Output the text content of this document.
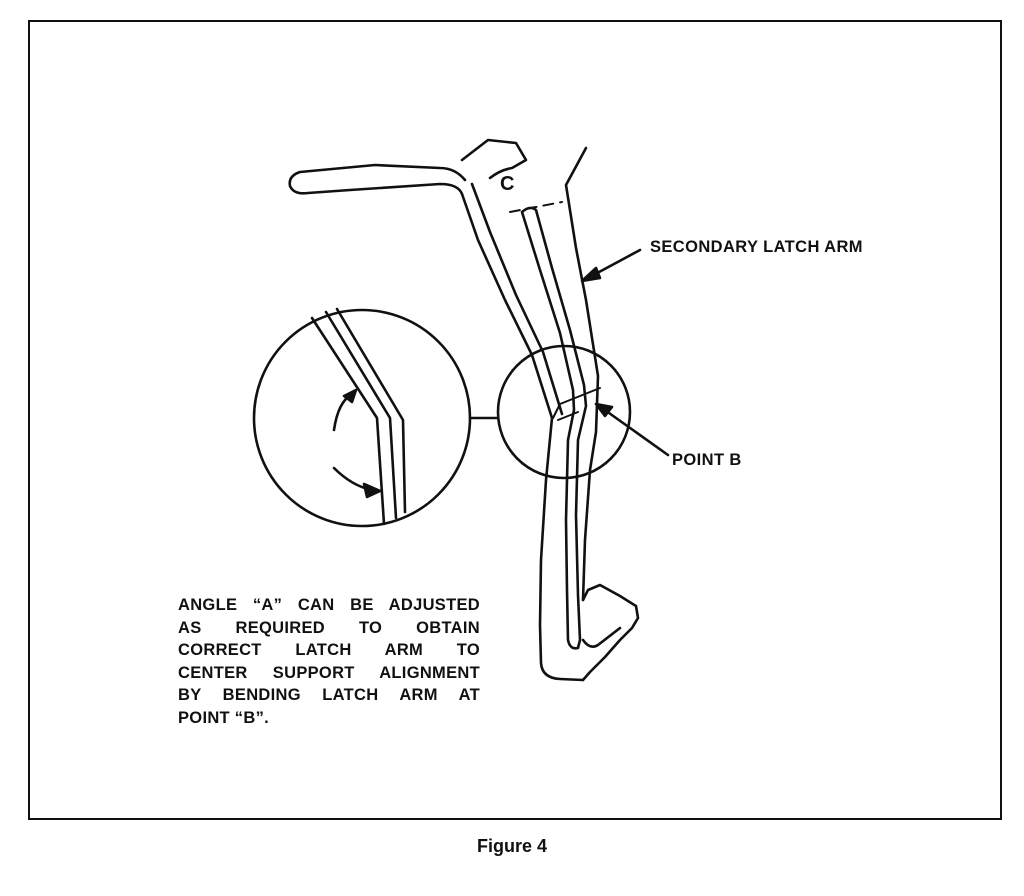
C
SECONDARY LATCH ARM
POINT B
ANGLE “A” CAN BE ADJUSTED
AS REQUIRED TO OBTAIN
CORRECT LATCH ARM TO
CENTER SUPPORT ALIGNMENT
BY BENDING LATCH ARM AT
POINT “B”.
Figure 4
